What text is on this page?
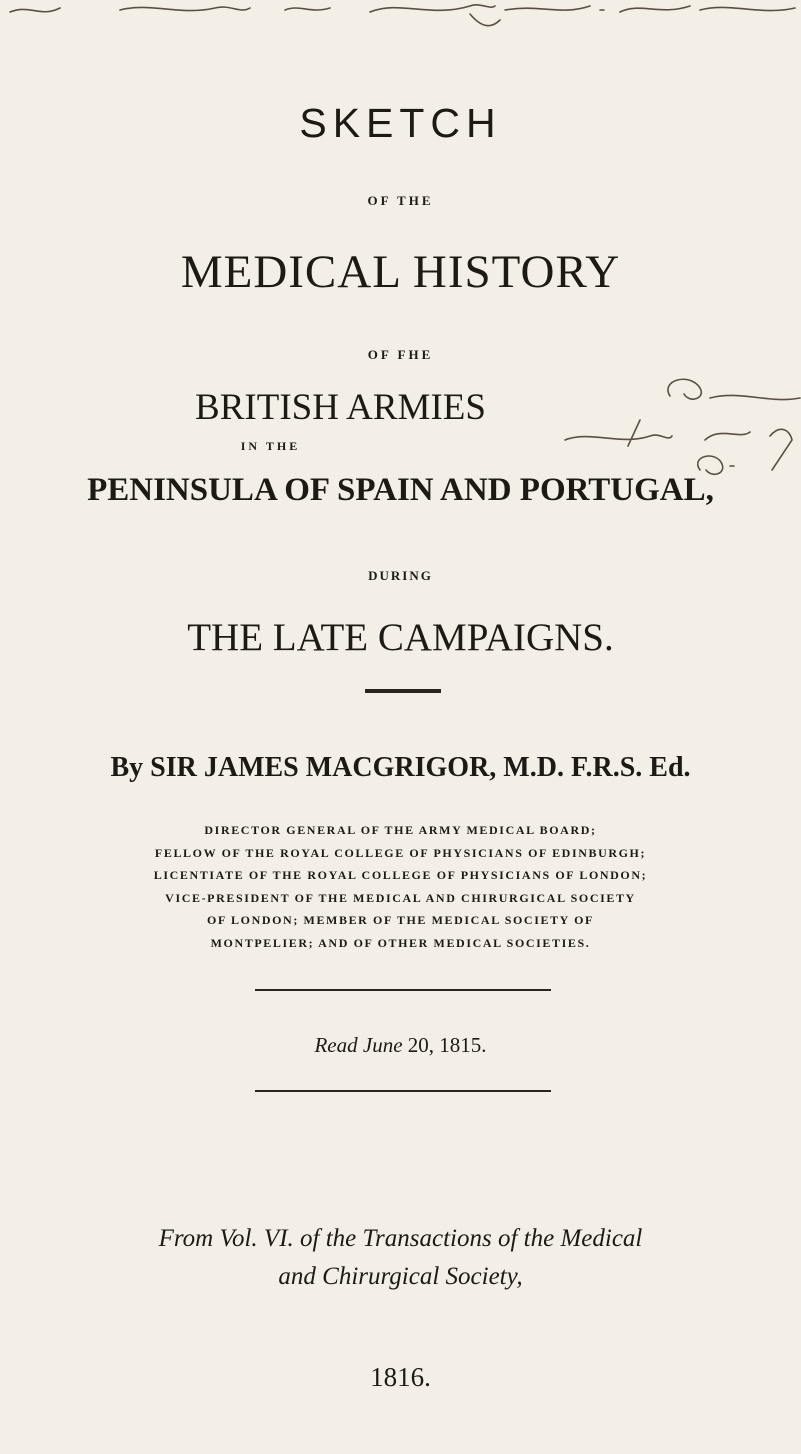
SKETCH
OF THE
MEDICAL HISTORY
OF FHE
BRITISH ARMIES
IN THE
PENINSULA OF SPAIN AND PORTUGAL,
DURING
THE LATE CAMPAIGNS.
By SIR JAMES MACGRIGOR, M.D. F.R.S. Ed.
DIRECTOR GENERAL OF THE ARMY MEDICAL BOARD;
FELLOW OF THE ROYAL COLLEGE OF PHYSICIANS OF EDINBURGH;
LICENTIATE OF THE ROYAL COLLEGE OF PHYSICIANS OF LONDON;
VICE-PRESIDENT OF THE MEDICAL AND CHIRURGICAL SOCIETY
OF LONDON; MEMBER OF THE MEDICAL SOCIETY OF
MONTPELIER; AND OF OTHER MEDICAL SOCIETIES.
Read June 20, 1815.
From Vol. VI. of the Transactions of the Medical
and Chirurgical Society,
1816.
